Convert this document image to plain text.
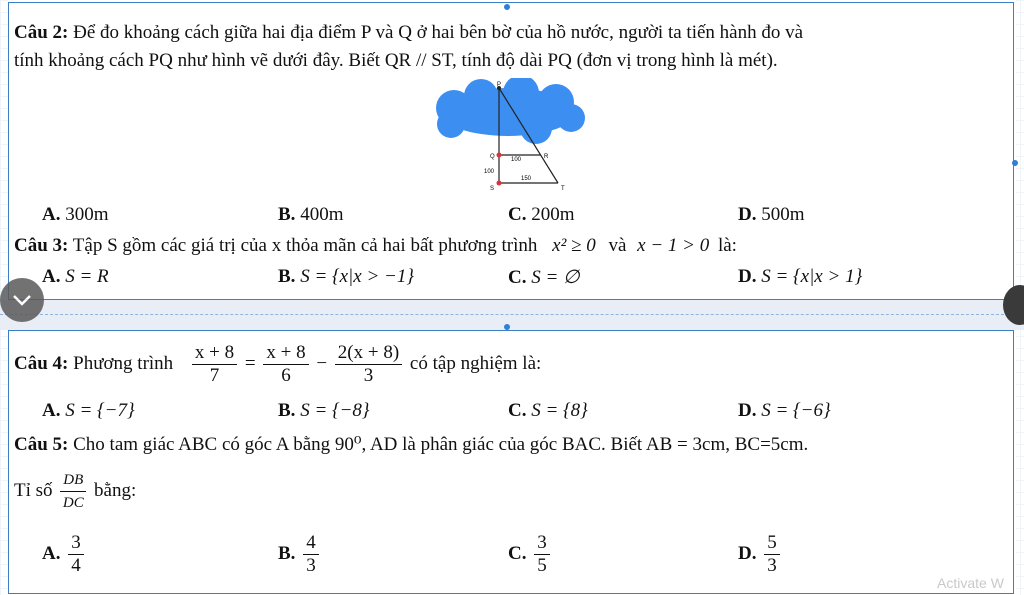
Câu 2: Để đo khoảng cách giữa hai địa điểm P và Q ở hai bên bờ của hồ nước, người ta tiến hành đo và
tính khoảng cách PQ như hình vẽ dưới đây. Biết QR // ST, tính độ dài PQ (đơn vị trong hình là mét).
P
Q	R
S	T
100
100
150
A. 300m	B. 400m	C. 200m	D. 500m
Câu 3: Tập S gồm các giá trị của x thỏa mãn cả hai bất phương trình x² ≥ 0 và x − 1 > 0 là:
A. S = R	B. S = {x|x > −1}	C. S = ∅	D. S = {x|x > 1}
Câu 4: Phương trình $\frac{x + 8}{7} = \frac{x + 8}{6} - \frac{2(x + 8)}{3}$ có tập nghiệm là:
A. S = {−7}	B. S = {−8}	C. S = {8}	D. S = {−6}
Câu 5: Cho tam giác ABC có góc A bằng 90⁰, AD là phân giác của góc BAC. Biết AB = 3cm, BC=5cm.
Tỉ số $\frac{DB}{DC}$ bằng:
A. $\frac{3}{4}$	B. $\frac{4}{3}$	C. $\frac{3}{5}$	D. $\frac{5}{3}$
Activate W
